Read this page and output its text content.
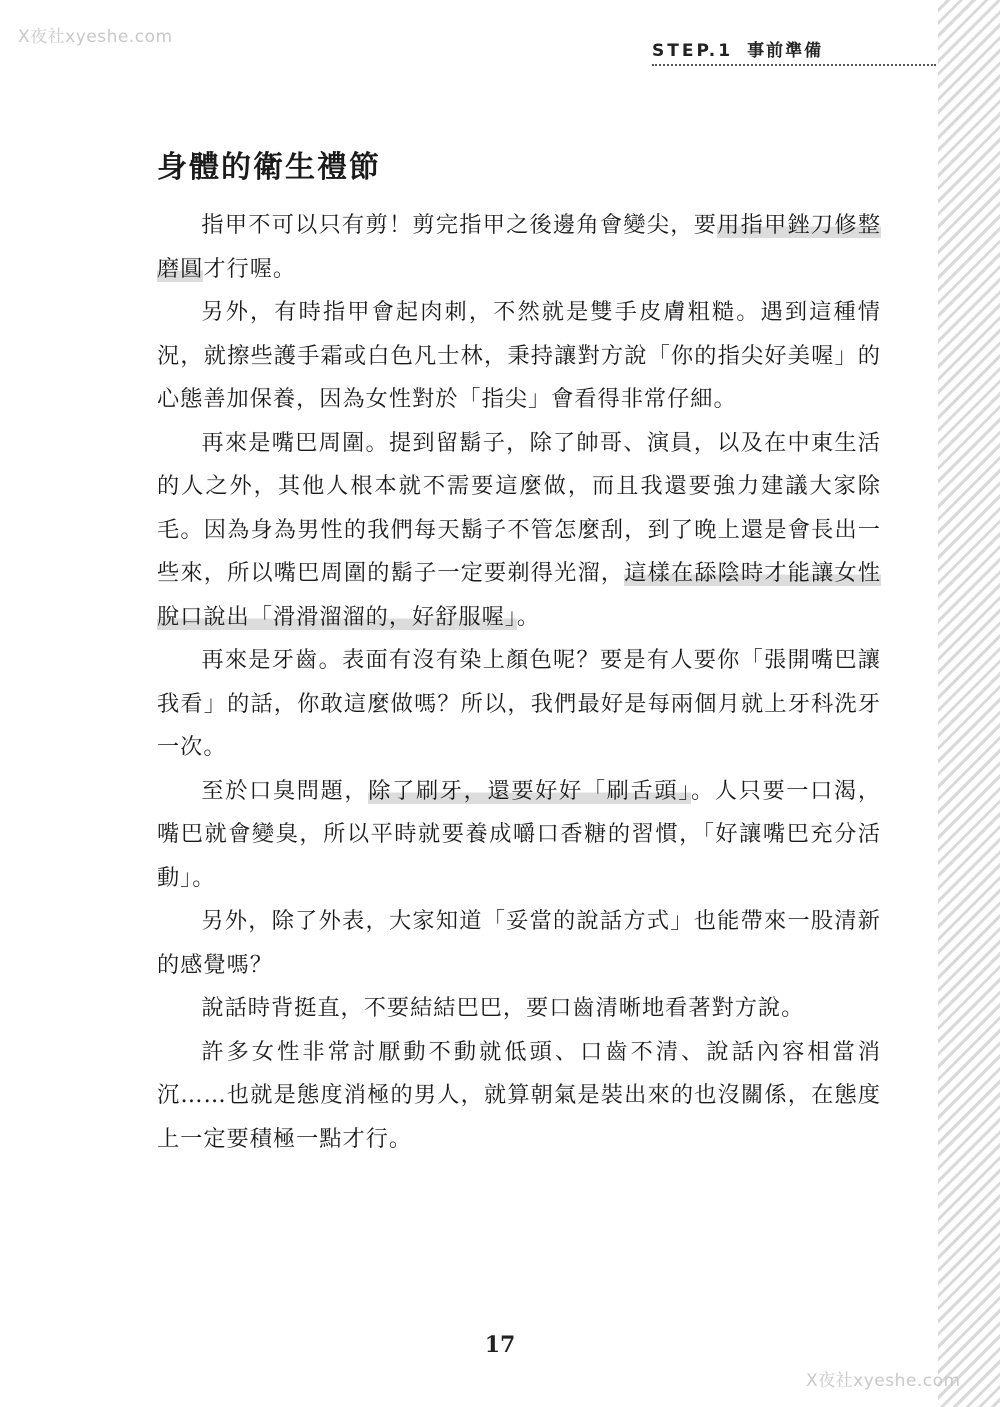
X夜社xyeshe.com
X夜社xyeshe.com
STEP.1 事前準備
身體的衛生禮節

指甲不可以只有剪！剪完指甲之後邊角會變尖，要用指甲銼刀修整磨圓才行喔。

另外，有時指甲會起肉刺，不然就是雙手皮膚粗糙。遇到這種情況，就擦些護手霜或白色凡士林，秉持讓對方說「你的指尖好美喔」的心態善加保養，因為女性對於「指尖」會看得非常仔細。

再來是嘴巴周圍。提到留鬍子，除了帥哥、演員，以及在中東生活的人之外，其他人根本就不需要這麼做，而且我還要強力建議大家除毛。因為身為男性的我們每天鬍子不管怎麼刮，到了晚上還是會長出一些來，所以嘴巴周圍的鬍子一定要剃得光溜，這樣在舔陰時才能讓女性脫口說出「滑滑溜溜的，好舒服喔」。

再來是牙齒。表面有沒有染上顏色呢？要是有人要你「張開嘴巴讓我看」的話，你敢這麼做嗎？所以，我們最好是每兩個月就上牙科洗牙一次。

至於口臭問題，除了刷牙，還要好好「刷舌頭」。人只要一口渴，嘴巴就會變臭，所以平時就要養成嚼口香糖的習慣，「好讓嘴巴充分活動」。

另外，除了外表，大家知道「妥當的說話方式」也能帶來一股清新的感覺嗎？

說話時背挺直，不要結結巴巴，要口齒清晰地看著對方說。

許多女性非常討厭動不動就低頭、口齒不清、說話內容相當消沉……也就是態度消極的男人，就算朝氣是裝出來的也沒關係，在態度上一定要積極一點才行。

17
